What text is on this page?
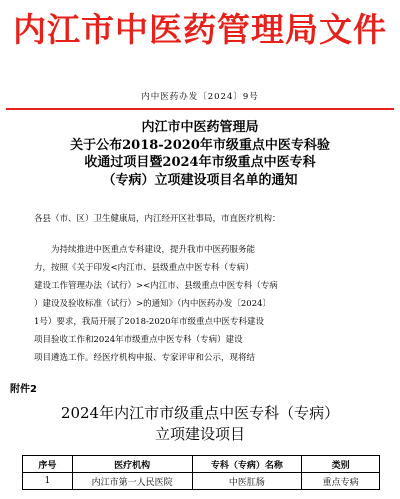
内江市中医药管理局文件
内中医药办发〔2024〕9号
内江市中医药管理局
关于公布2018-2020年市级重点中医专科验
收通过项目暨2024年市级重点中医专科
（专病）立项建设项目名单的通知
各县（市、区）卫生健康局，内江经开区社事局，市直医疗机构：
为持续推进中医重点专科建设，提升我市中医药服务能
力，按照《关于印发<内江市、县级重点中医专科（专病）
建设工作管理办法（试行）><内江市、县级重点中医专科（专病
）建设及验收标准（试行）>的通知》（内中医药办发〔2024〕
1号）要求，我局开展了2018-2020年市级重点中医专科建设
项目验收工作和2024年市级重点中医专科（专病）建设
项目遴选工作。经医疗机构申报、专家评审和公示，现将结
附件2
2024年内江市市级重点中医专科（专病）
立项建设项目
序号	医疗机构	专科（专病）名称	类别
1	内江市第一人民医院	中医肛肠	重点专病
